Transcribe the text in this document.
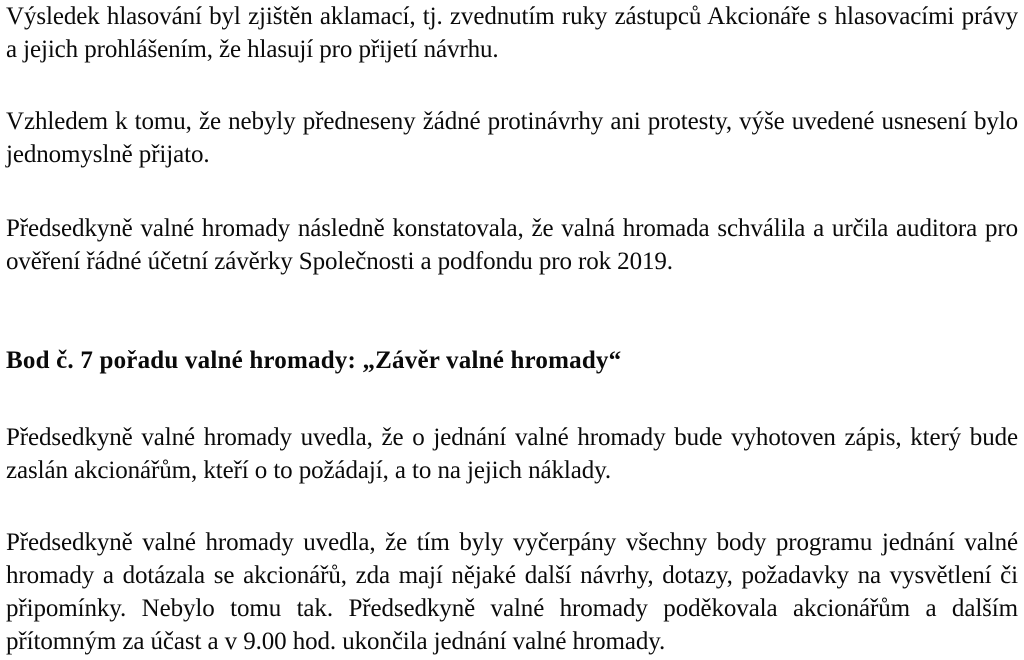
Výsledek hlasování byl zjištěn aklamací, tj. zvednutím ruky zástupců Akcionáře s hlasovacími právy a jejich prohlášením, že hlasují pro přijetí návrhu.

Vzhledem k tomu, že nebyly předneseny žádné protinávrhy ani protesty, výše uvedené usnesení bylo jednomyslně přijato.

Předsedkyně valné hromady následně konstatovala, že valná hromada schválila a určila auditora pro ověření řádné účetní závěrky Společnosti a podfondu pro rok 2019.

Bod č. 7 pořadu valné hromady: „Závěr valné hromady“

Předsedkyně valné hromady uvedla, že o jednání valné hromady bude vyhotoven zápis, který bude zaslán akcionářům, kteří o to požádají, a to na jejich náklady.

Předsedkyně valné hromady uvedla, že tím byly vyčerpány všechny body programu jednání valné hromady a dotázala se akcionářů, zda mají nějaké další návrhy, dotazy, požadavky na vysvětlení či připomínky. Nebylo tomu tak. Předsedkyně valné hromady poděkovala akcionářům a dalším přítomným za účast a v 9.00 hod. ukončila jednání valné hromady.
